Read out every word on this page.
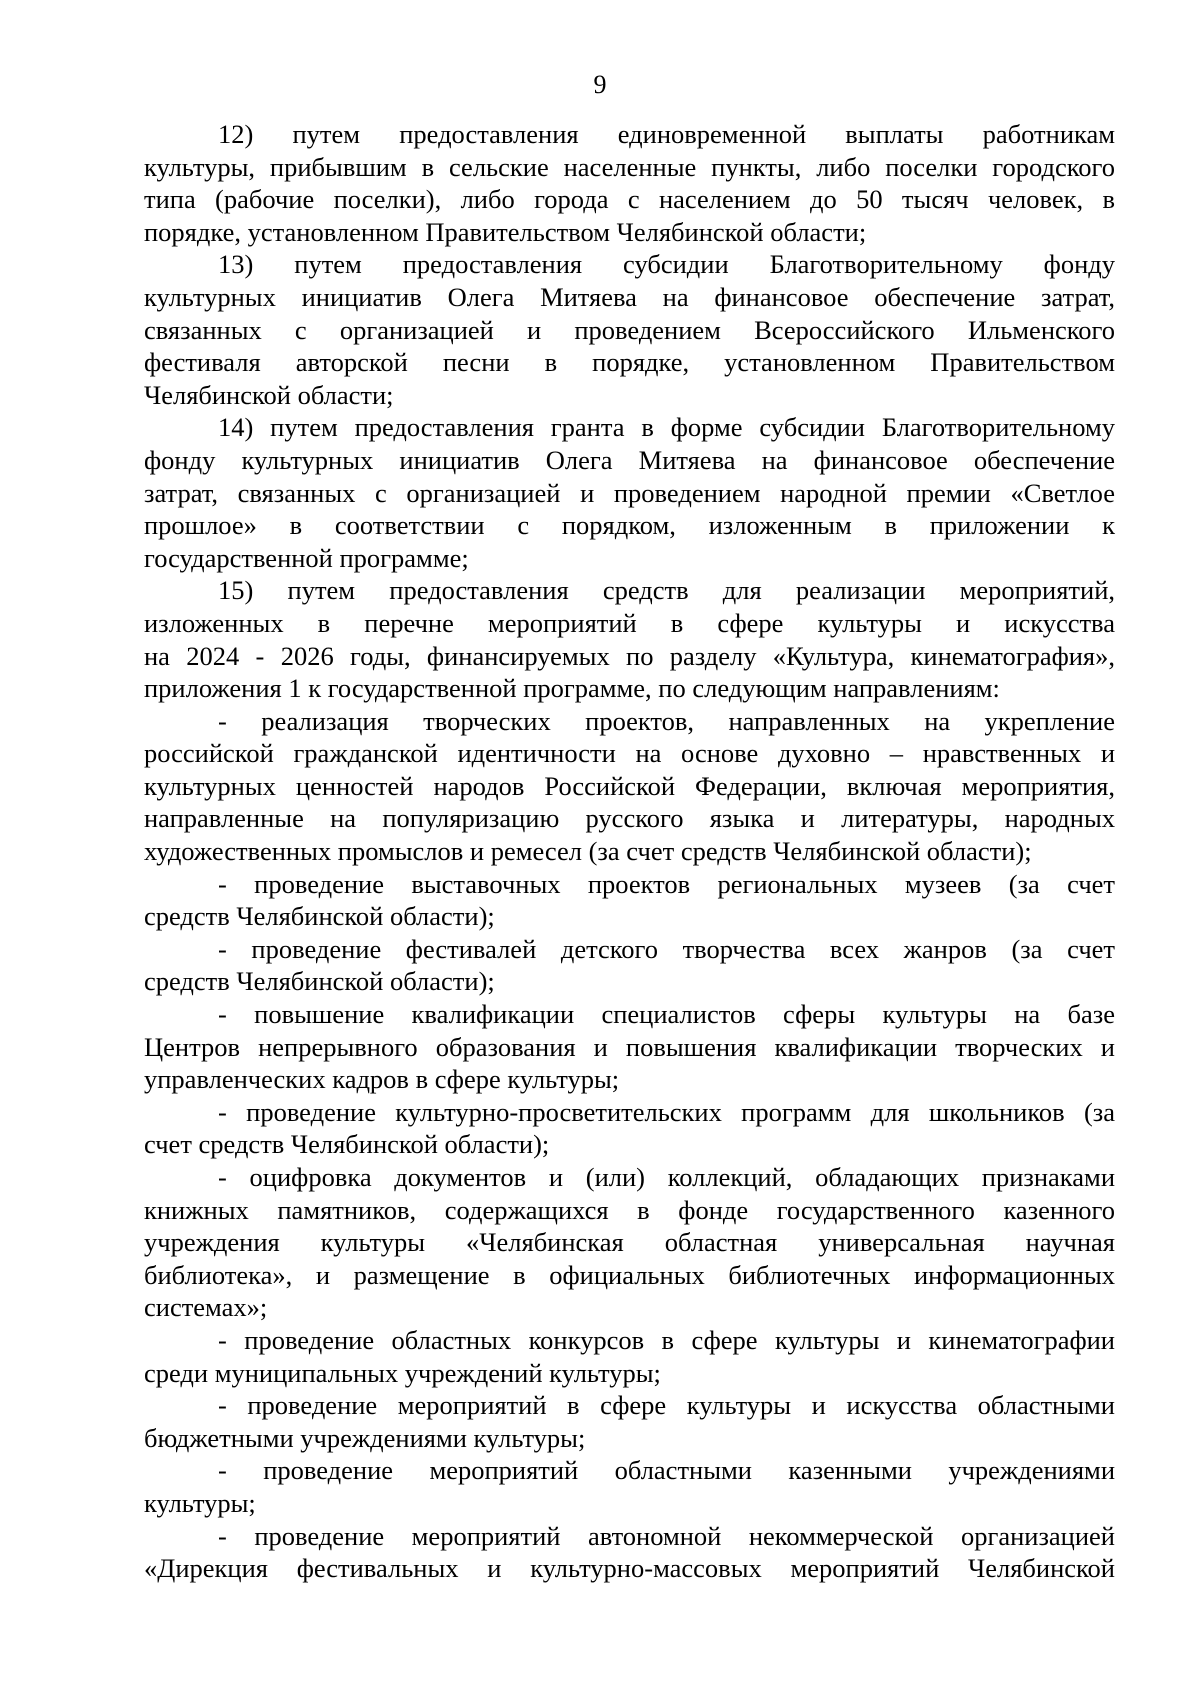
9

12) путем предоставления единовременной выплаты работникам
культуры, прибывшим в сельские населенные пункты, либо поселки городского
типа (рабочие поселки), либо города с населением до 50 тысяч человек, в
порядке, установленном Правительством Челябинской области;

13) путем предоставления субсидии Благотворительному фонду
культурных инициатив Олега Митяева на финансовое обеспечение затрат,
связанных с организацией и проведением Всероссийского Ильменского
фестиваля авторской песни в порядке, установленном Правительством
Челябинской области;

14) путем предоставления гранта в форме субсидии Благотворительному
фонду культурных инициатив Олега Митяева на финансовое обеспечение
затрат, связанных с организацией и проведением народной премии «Светлое
прошлое» в соответствии с порядком, изложенным в приложении к
государственной программе;

15) путем предоставления средств для реализации мероприятий,
изложенных в перечне мероприятий в сфере культуры и искусства
на 2024 - 2026 годы, финансируемых по разделу «Культура, кинематография»,
приложения 1 к государственной программе, по следующим направлениям:

- реализация творческих проектов, направленных на укрепление
российской гражданской идентичности на основе духовно – нравственных и
культурных ценностей народов Российской Федерации, включая мероприятия,
направленные на популяризацию русского языка и литературы, народных
художественных промыслов и ремесел (за счет средств Челябинской области);

- проведение выставочных проектов региональных музеев (за счет
средств Челябинской области);

- проведение фестивалей детского творчества всех жанров (за счет
средств Челябинской области);

- повышение квалификации специалистов сферы культуры на базе
Центров непрерывного образования и повышения квалификации творческих и
управленческих кадров в сфере культуры;

- проведение культурно-просветительских программ для школьников (за
счет средств Челябинской области);

- оцифровка документов и (или) коллекций, обладающих признаками
книжных памятников, содержащихся в фонде государственного казенного
учреждения культуры «Челябинская областная универсальная научная
библиотека», и размещение в официальных библиотечных информационных
системах»;

- проведение областных конкурсов в сфере культуры и кинематографии
среди муниципальных учреждений культуры;

- проведение мероприятий в сфере культуры и искусства областными
бюджетными учреждениями культуры;

- проведение мероприятий областными казенными учреждениями
культуры;

- проведение мероприятий автономной некоммерческой организацией
«Дирекция фестивальных и культурно-массовых мероприятий Челябинской
